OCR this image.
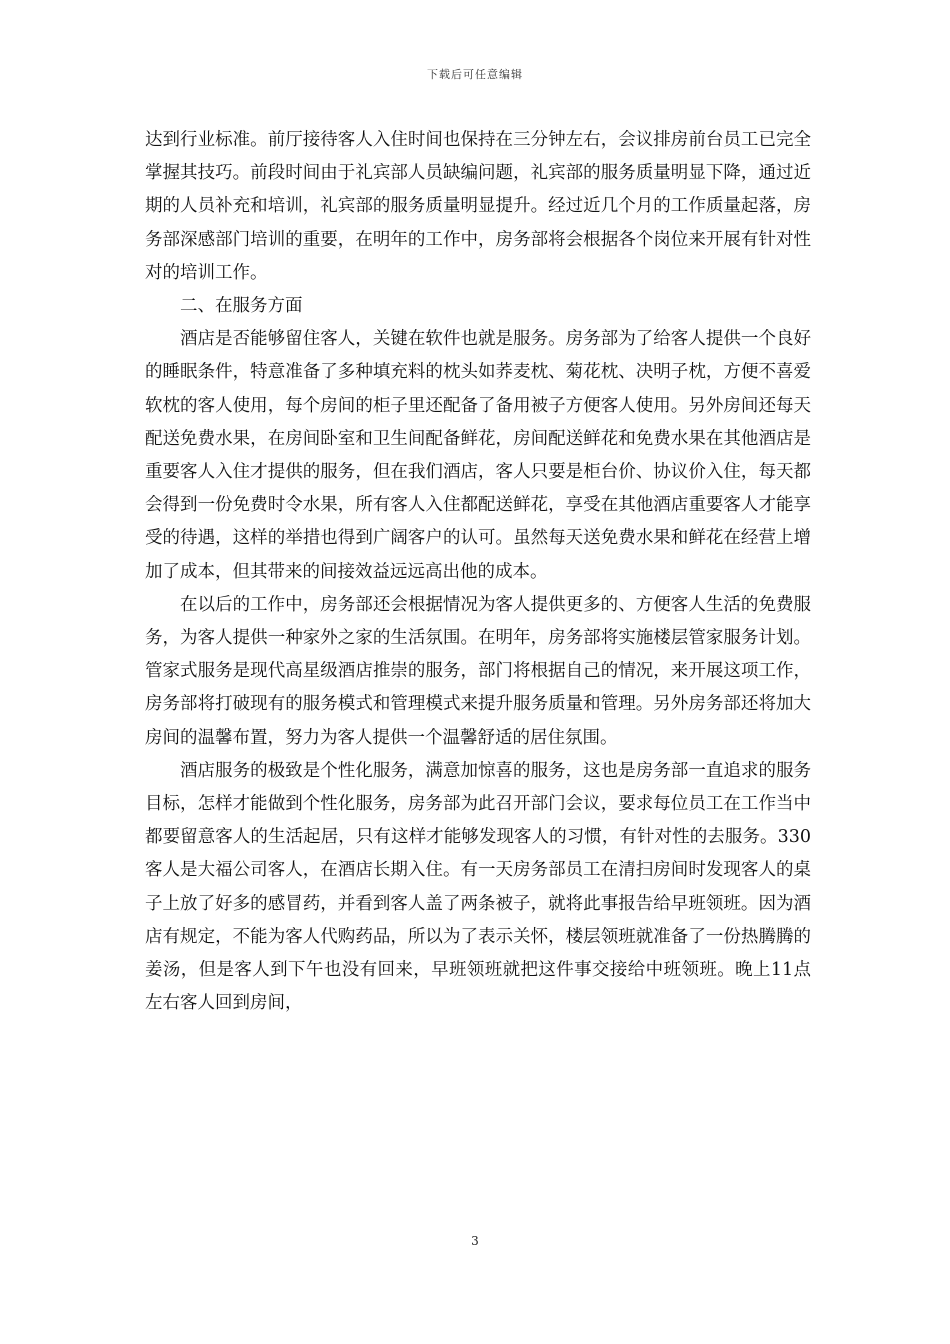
下载后可任意编辑

达到行业标准。前厅接待客人入住时间也保持在三分钟左右，会议排房前台员工已完全掌握其技巧。前段时间由于礼宾部人员缺编问题，礼宾部的服务质量明显下降，通过近期的人员补充和培训，礼宾部的服务质量明显提升。经过近几个月的工作质量起落，房务部深感部门培训的重要，在明年的工作中，房务部将会根据各个岗位来开展有针对性对的培训工作。

二、在服务方面

酒店是否能够留住客人，关键在软件也就是服务。房务部为了给客人提供一个良好的睡眠条件，特意准备了多种填充料的枕头如荞麦枕、菊花枕、决明子枕，方便不喜爱软枕的客人使用，每个房间的柜子里还配备了备用被子方便客人使用。另外房间还每天配送免费水果，在房间卧室和卫生间配备鲜花，房间配送鲜花和免费水果在其他酒店是重要客人入住才提供的服务，但在我们酒店，客人只要是柜台价、协议价入住，每天都会得到一份免费时令水果，所有客人入住都配送鲜花，享受在其他酒店重要客人才能享受的待遇，这样的举措也得到广阔客户的认可。虽然每天送免费水果和鲜花在经营上增加了成本，但其带来的间接效益远远高出他的成本。

在以后的工作中，房务部还会根据情况为客人提供更多的、方便客人生活的免费服务，为客人提供一种家外之家的生活氛围。在明年，房务部将实施楼层管家服务计划。管家式服务是现代高星级酒店推崇的服务，部门将根据自己的情况，来开展这项工作，房务部将打破现有的服务模式和管理模式来提升服务质量和管理。另外房务部还将加大房间的温馨布置，努力为客人提供一个温馨舒适的居住氛围。

酒店服务的极致是个性化服务，满意加惊喜的服务，这也是房务部一直追求的服务目标，怎样才能做到个性化服务，房务部为此召开部门会议，要求每位员工在工作当中都要留意客人的生活起居，只有这样才能够发现客人的习惯，有针对性的去服务。330客人是大福公司客人，在酒店长期入住。有一天房务部员工在清扫房间时发现客人的桌子上放了好多的感冒药，并看到客人盖了两条被子，就将此事报告给早班领班。因为酒店有规定，不能为客人代购药品，所以为了表示关怀，楼层领班就准备了一份热腾腾的姜汤，但是客人到下午也没有回来，早班领班就把这件事交接给中班领班。晚上11点左右客人回到房间，

3
